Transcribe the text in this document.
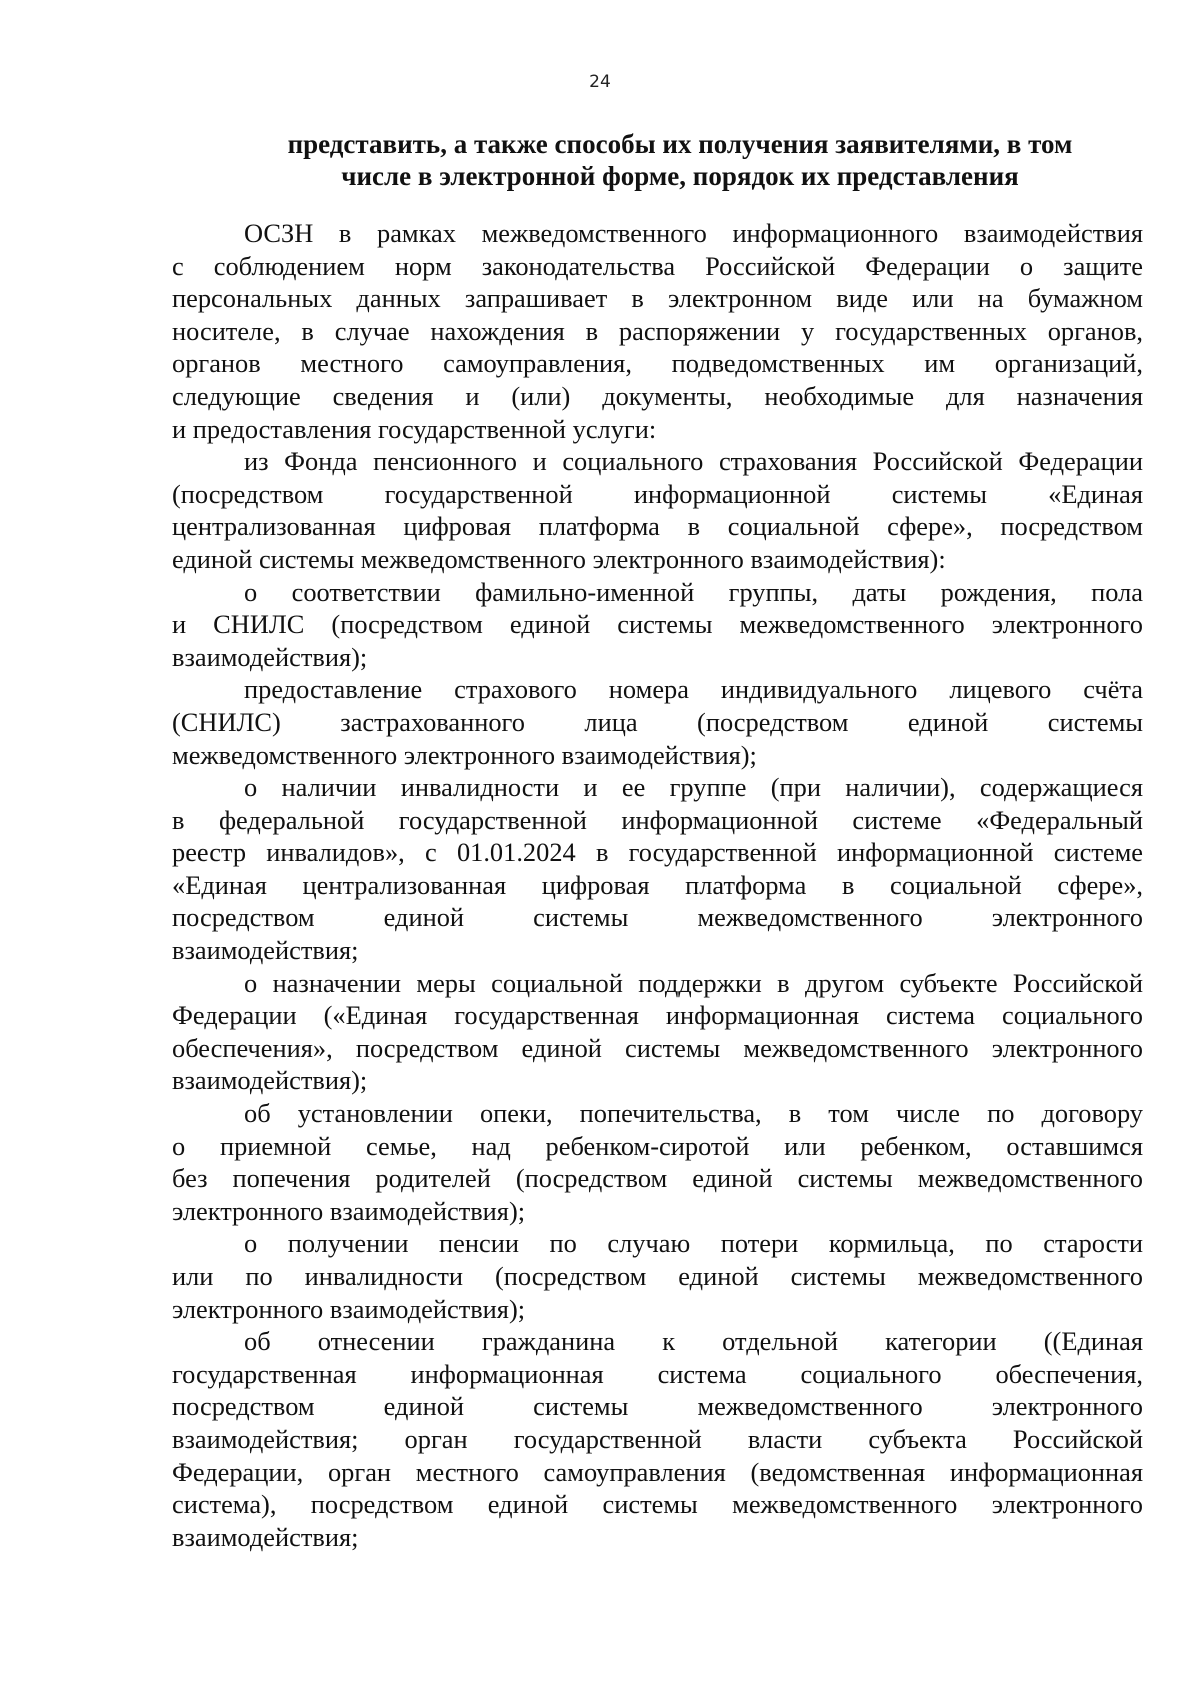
24
представить, а также способы их получения заявителями, в том
числе в электронной форме, порядок их представления

ОСЗН в рамках межведомственного информационного взаимодействия
с соблюдением норм законодательства Российской Федерации о защите
персональных данных запрашивает в электронном виде или на бумажном
носителе, в случае нахождения в распоряжении у государственных органов,
органов местного самоуправления, подведомственных им организаций,
следующие сведения и (или) документы, необходимые для назначения
и предоставления государственной услуги:

из Фонда пенсионного и социального страхования Российской Федерации
(посредством государственной информационной системы «Единая
централизованная цифровая платформа в социальной сфере», посредством
единой системы межведомственного электронного взаимодействия):

о соответствии фамильно-именной группы, даты рождения, пола
и СНИЛС (посредством единой системы межведомственного электронного
взаимодействия);

предоставление страхового номера индивидуального лицевого счёта
(СНИЛС) застрахованного лица (посредством единой системы
межведомственного электронного взаимодействия);

о наличии инвалидности и ее группе (при наличии), содержащиеся
в федеральной государственной информационной системе «Федеральный
реестр инвалидов», с 01.01.2024 в государственной информационной системе
«Единая централизованная цифровая платформа в социальной сфере»,
посредством единой системы межведомственного электронного
взаимодействия;

о назначении меры социальной поддержки в другом субъекте Российской
Федерации («Единая государственная информационная система социального
обеспечения», посредством единой системы межведомственного электронного
взаимодействия);

об установлении опеки, попечительства, в том числе по договору
о приемной семье, над ребенком-сиротой или ребенком, оставшимся
без попечения родителей (посредством единой системы межведомственного
электронного взаимодействия);

о получении пенсии по случаю потери кормильца, по старости
или по инвалидности (посредством единой системы межведомственного
электронного взаимодействия);

об отнесении гражданина к отдельной категории ((Единая
государственная информационная система социального обеспечения,
посредством единой системы межведомственного электронного
взаимодействия; орган государственной власти субъекта Российской
Федерации, орган местного самоуправления (ведомственная информационная
система), посредством единой системы межведомственного электронного
взаимодействия;
